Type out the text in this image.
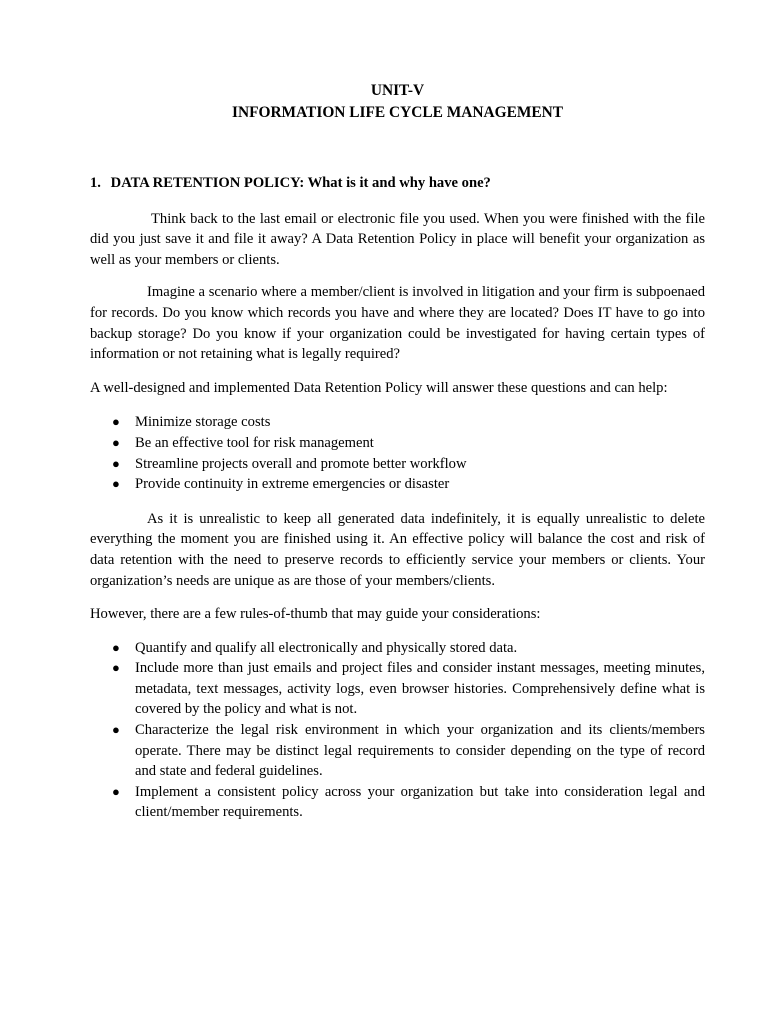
UNIT-V
INFORMATION LIFE CYCLE MANAGEMENT
1. DATA RETENTION POLICY: What is it and why have one?

Think back to the last email or electronic file you used. When you were finished with the file did you just save it and file it away? A Data Retention Policy in place will benefit your organization as well as your members or clients.

Imagine a scenario where a member/client is involved in litigation and your firm is subpoenaed for records. Do you know which records you have and where they are located? Does IT have to go into backup storage? Do you know if your organization could be investigated for having certain types of information or not retaining what is legally required?

A well-designed and implemented Data Retention Policy will answer these questions and can help:

● Minimize storage costs
● Be an effective tool for risk management
● Streamline projects overall and promote better workflow
● Provide continuity in extreme emergencies or disaster

As it is unrealistic to keep all generated data indefinitely, it is equally unrealistic to delete everything the moment you are finished using it. An effective policy will balance the cost and risk of data retention with the need to preserve records to efficiently service your members or clients. Your organization’s needs are unique as are those of your members/clients.

However, there are a few rules-of-thumb that may guide your considerations:

● Quantify and qualify all electronically and physically stored data.
● Include more than just emails and project files and consider instant messages, meeting minutes, metadata, text messages, activity logs, even browser histories. Comprehensively define what is covered by the policy and what is not.
● Characterize the legal risk environment in which your organization and its clients/members operate. There may be distinct legal requirements to consider depending on the type of record and state and federal guidelines.
● Implement a consistent policy across your organization but take into consideration legal and client/member requirements.
